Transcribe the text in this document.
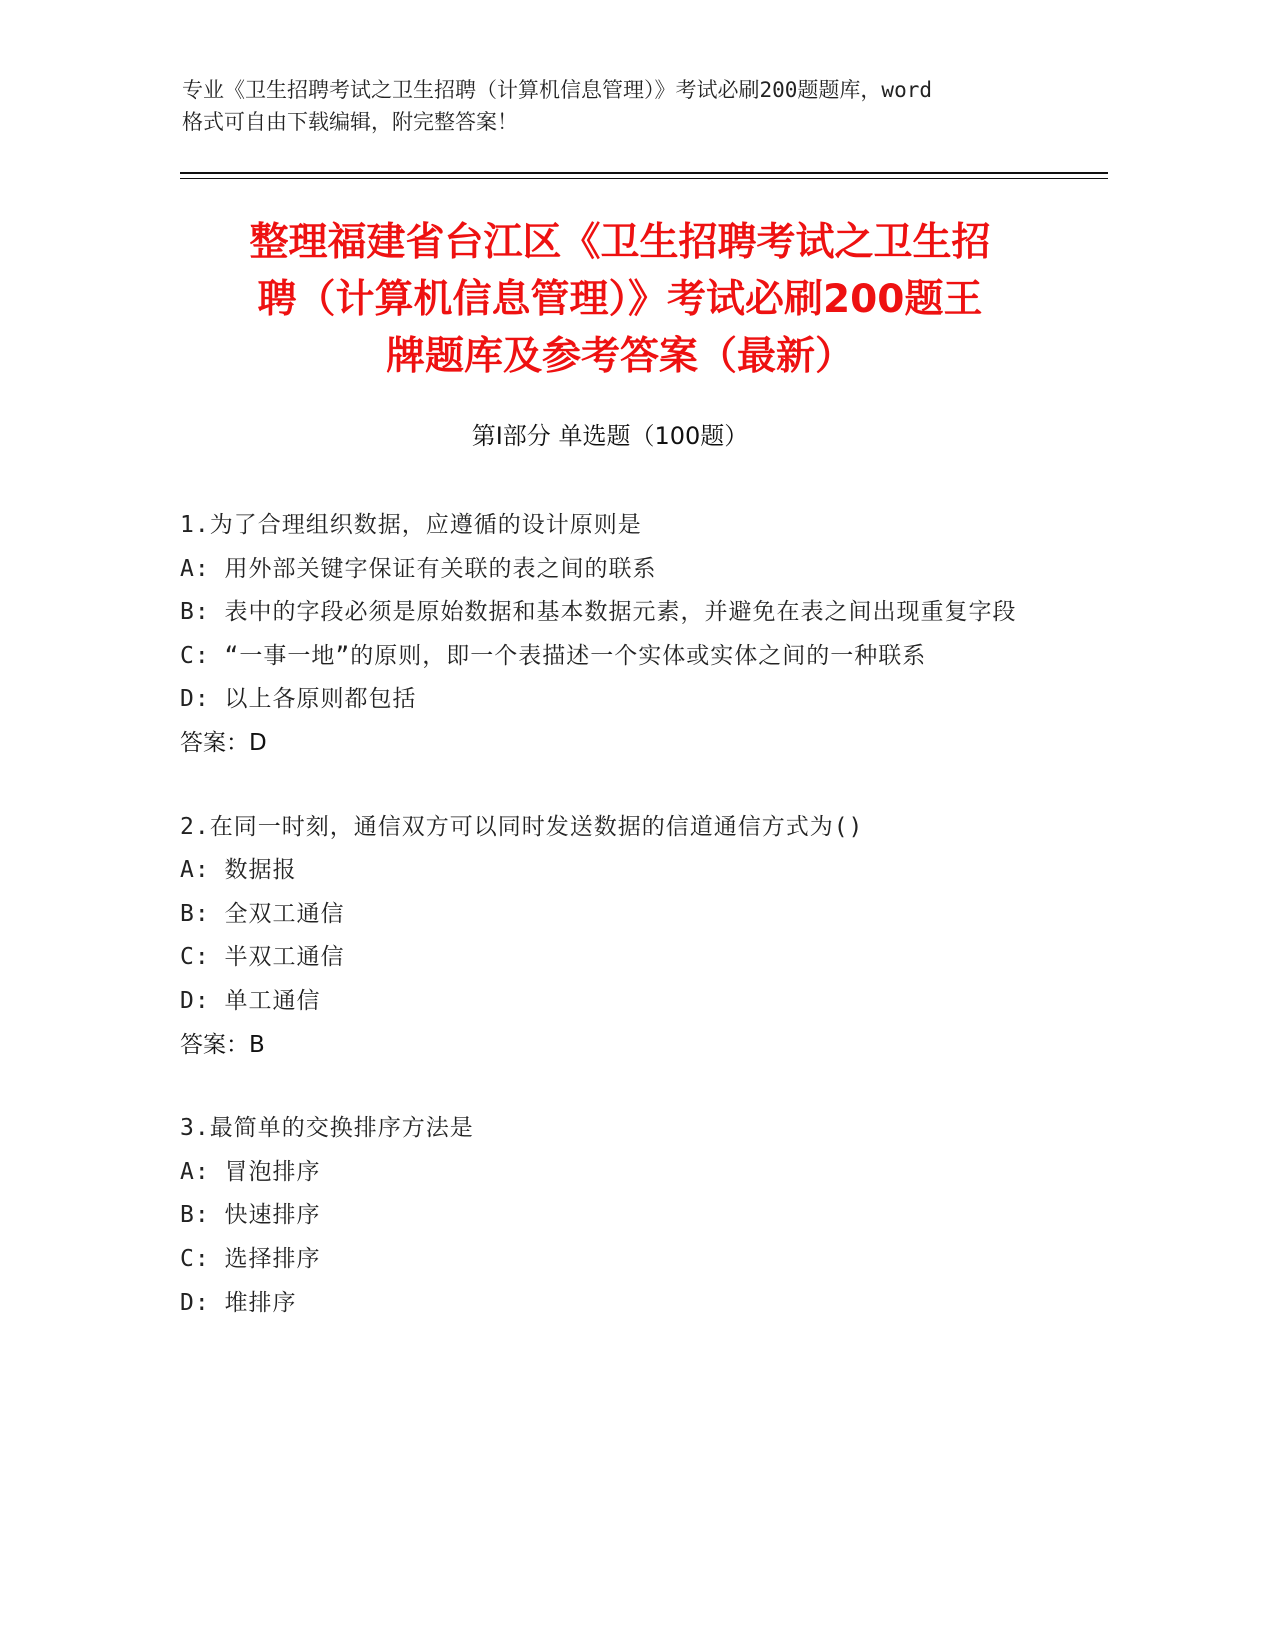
专业《卫生招聘考试之卫生招聘（计算机信息管理）》考试必刷200题题库，word
格式可自由下载编辑，附完整答案！
整理福建省台江区《卫生招聘考试之卫生招
聘（计算机信息管理）》考试必刷200题王
牌题库及参考答案（最新）
第I部分 单选题（100题）
1.为了合理组织数据，应遵循的设计原则是
A: 用外部关键字保证有关联的表之间的联系
B: 表中的字段必须是原始数据和基本数据元素，并避免在表之间出现重复字段
C: “一事一地”的原则，即一个表描述一个实体或实体之间的一种联系
D: 以上各原则都包括
答案：D
2.在同一时刻，通信双方可以同时发送数据的信道通信方式为()
A: 数据报
B: 全双工通信
C: 半双工通信
D: 单工通信
答案：B
3.最简单的交换排序方法是
A: 冒泡排序
B: 快速排序
C: 选择排序
D: 堆排序
